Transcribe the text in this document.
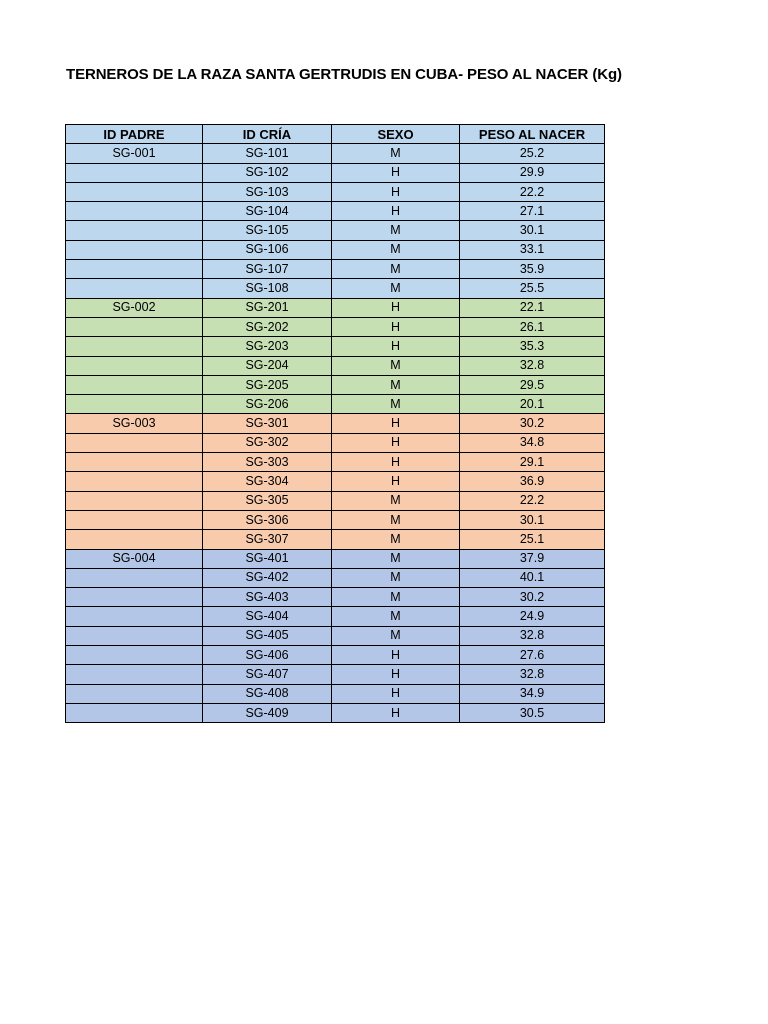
TERNEROS DE LA RAZA SANTA GERTRUDIS EN CUBA- PESO AL NACER (Kg)
ID PADRE	ID CRÍA	SEXO	PESO AL NACER
SG-001	SG-101	M	25.2
	SG-102	H	29.9
	SG-103	H	22.2
	SG-104	H	27.1
	SG-105	M	30.1
	SG-106	M	33.1
	SG-107	M	35.9
	SG-108	M	25.5
SG-002	SG-201	H	22.1
	SG-202	H	26.1
	SG-203	H	35.3
	SG-204	M	32.8
	SG-205	M	29.5
	SG-206	M	20.1
SG-003	SG-301	H	30.2
	SG-302	H	34.8
	SG-303	H	29.1
	SG-304	H	36.9
	SG-305	M	22.2
	SG-306	M	30.1
	SG-307	M	25.1
SG-004	SG-401	M	37.9
	SG-402	M	40.1
	SG-403	M	30.2
	SG-404	M	24.9
	SG-405	M	32.8
	SG-406	H	27.6
	SG-407	H	32.8
	SG-408	H	34.9
	SG-409	H	30.5
